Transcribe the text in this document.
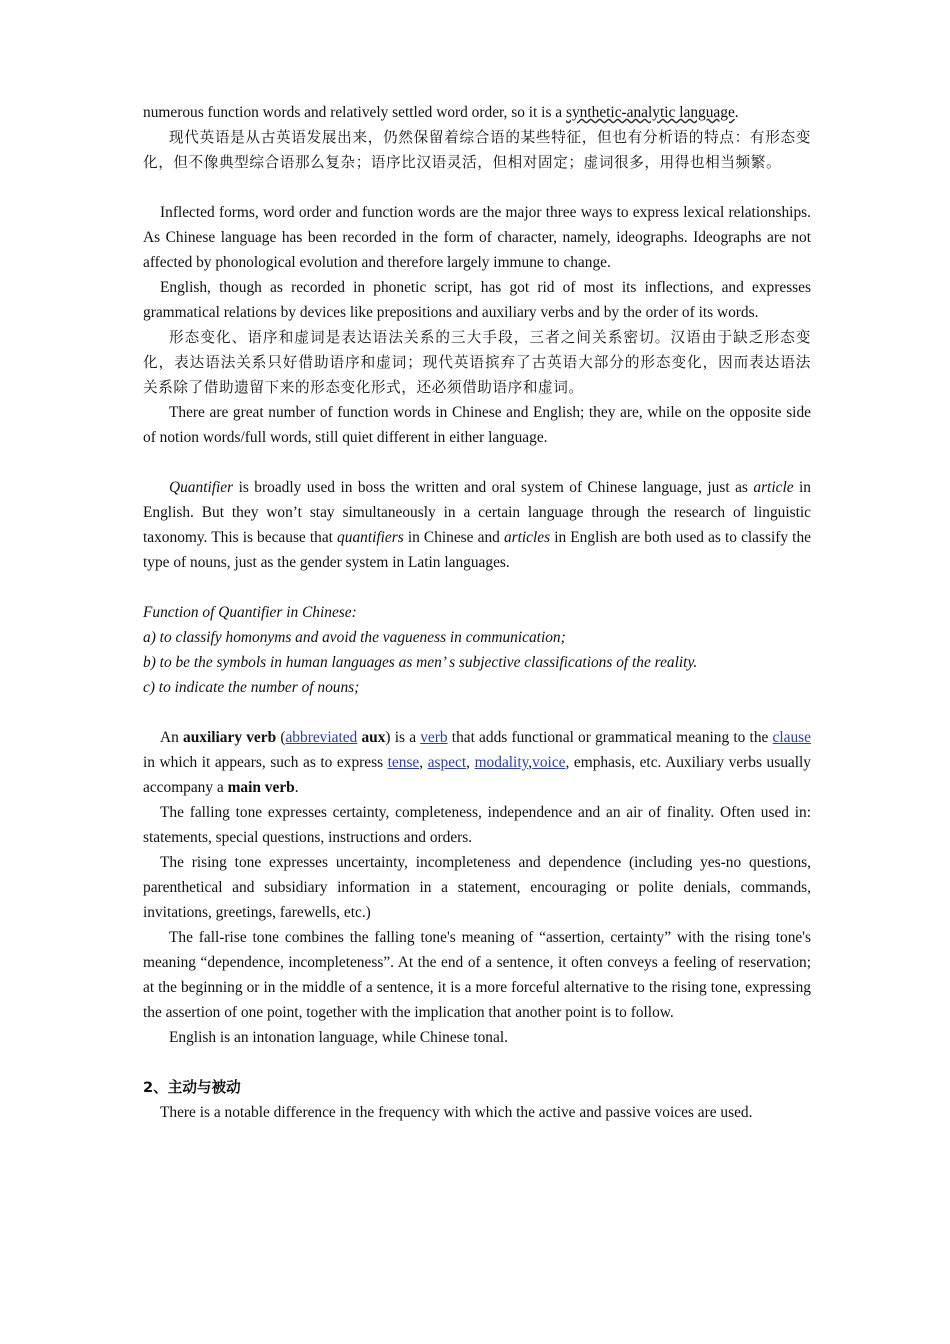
numerous function words and relatively settled word order, so it is a synthetic-analytic language.

现代英语是从古英语发展出来，仍然保留着综合语的某些特征，但也有分析语的特点：有形态变化，但不像典型综合语那么复杂；语序比汉语灵活，但相对固定；虚词很多，用得也相当频繁。

Inflected forms, word order and function words are the major three ways to express lexical relationships. As Chinese language has been recorded in the form of character, namely, ideographs. Ideographs are not affected by phonological evolution and therefore largely immune to change.

English, though as recorded in phonetic script, has got rid of most its inflections, and expresses grammatical relations by devices like prepositions and auxiliary verbs and by the order of its words.

形态变化、语序和虚词是表达语法关系的三大手段，三者之间关系密切。汉语由于缺乏形态变化，表达语法关系只好借助语序和虚词；现代英语摈弃了古英语大部分的形态变化，因而表达语法关系除了借助遗留下来的形态变化形式，还必须借助语序和虚词。

There are great number of function words in Chinese and English; they are, while on the opposite side of notion words/full words, still quiet different in either language.

Quantifier is broadly used in boss the written and oral system of Chinese language, just as article in English. But they won’t stay simultaneously in a certain language through the research of linguistic taxonomy. This is because that quantifiers in Chinese and articles in English are both used as to classify the type of nouns, just as the gender system in Latin languages.

Function of Quantifier in Chinese:

a) to classify homonyms and avoid the vagueness in communication;

b) to be the symbols in human languages as men’ s subjective classifications of the reality.

c) to indicate the number of nouns;

An auxiliary verb (abbreviated aux) is a verb that adds functional or grammatical meaning to the clause in which it appears, such as to express tense, aspect, modality,voice, emphasis, etc. Auxiliary verbs usually accompany a main verb.

The falling tone expresses certainty, completeness, independence and an air of finality. Often used in: statements, special questions, instructions and orders.

The rising tone expresses uncertainty, incompleteness and dependence (including yes-no questions, parenthetical and subsidiary information in a statement, encouraging or polite denials, commands, invitations, greetings, farewells, etc.)

The fall-rise tone combines the falling tone's meaning of “assertion, certainty” with the rising tone's meaning “dependence, incompleteness”. At the end of a sentence, it often conveys a feeling of reservation; at the beginning or in the middle of a sentence, it is a more forceful alternative to the rising tone, expressing the assertion of one point, together with the implication that another point is to follow.

English is an intonation language, while Chinese tonal.

2、主动与被动

There is a notable difference in the frequency with which the active and passive voices are used.
